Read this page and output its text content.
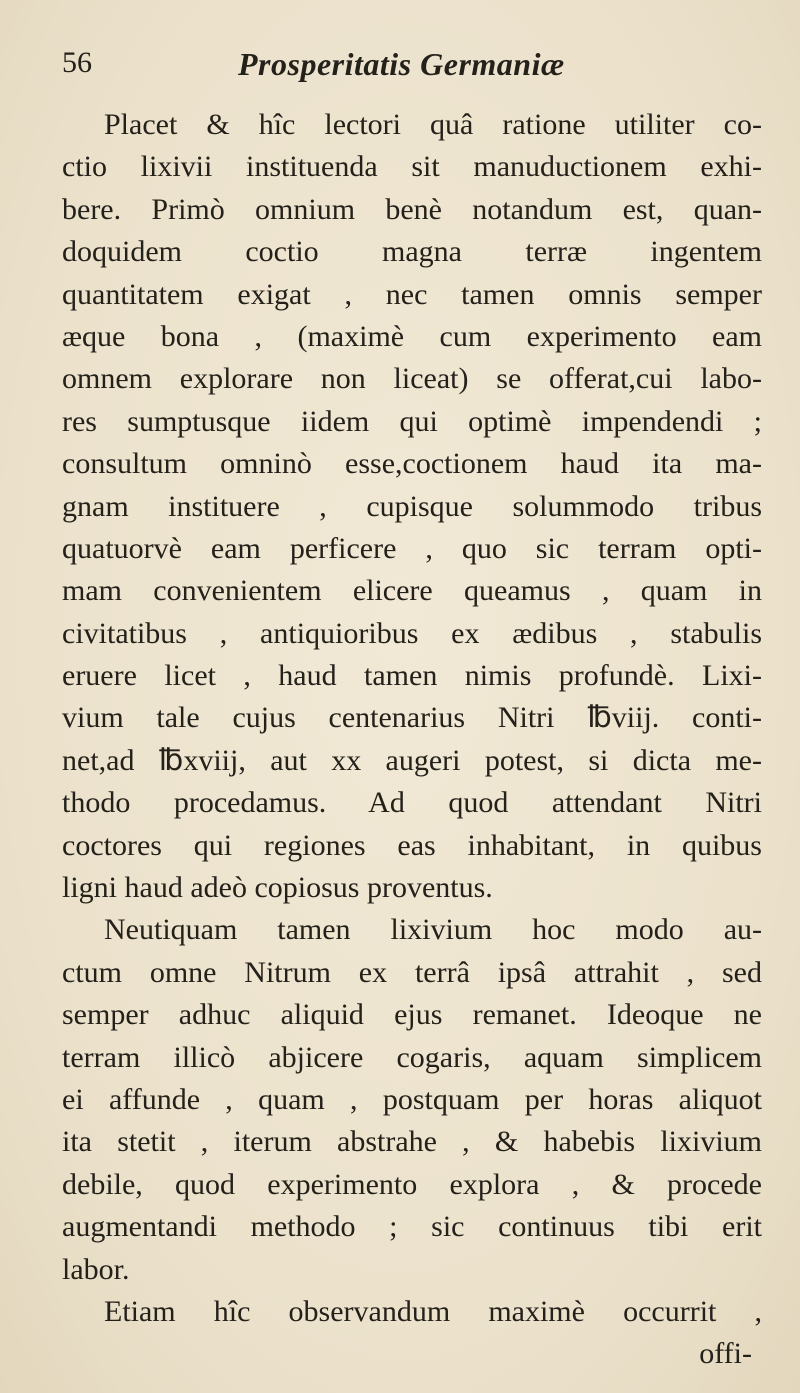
56	Prosperitatis Germaniæ
Placet & hîc lectori quâ ratione utiliter co-
ctio lixivii instituenda sit manuductionem exhi-
bere. Primò omnium benè notandum est, quan-
doquidem coctio magna terræ ingentem
quantitatem exigat , nec tamen omnis semper
æque bona , (maximè cum experimento eam
omnem explorare non liceat) se offerat,cui labo-
res sumptusque iidem qui optimè impendendi ;
consultum omninò esse,coctionem haud ita ma-
gnam instituere , cupisque solummodo tribus
quatuorvè eam perficere , quo sic terram opti-
mam convenientem elicere queamus , quam in
civitatibus , antiquioribus ex ædibus , stabulis
eruere licet , haud tamen nimis profundè. Lixi-
vium tale cujus centenarius Nitri ℔viij. conti-
net,ad ℔xviij, aut xx augeri potest, si dicta me-
thodo procedamus. Ad quod attendant Nitri
coctores qui regiones eas inhabitant, in quibus
ligni haud adeò copiosus proventus.
Neutiquam tamen lixivium hoc modo au-
ctum omne Nitrum ex terrâ ipsâ attrahit , sed
semper adhuc aliquid ejus remanet. Ideoque ne
terram illicò abjicere cogaris, aquam simplicem
ei affunde , quam , postquam per horas aliquot
ita stetit , iterum abstrahe , & habebis lixivium
debile, quod experimento explora , & procede
augmentandi methodo ; sic continuus tibi erit
labor.
Etiam hîc observandum maximè occurrit ,
offi-
